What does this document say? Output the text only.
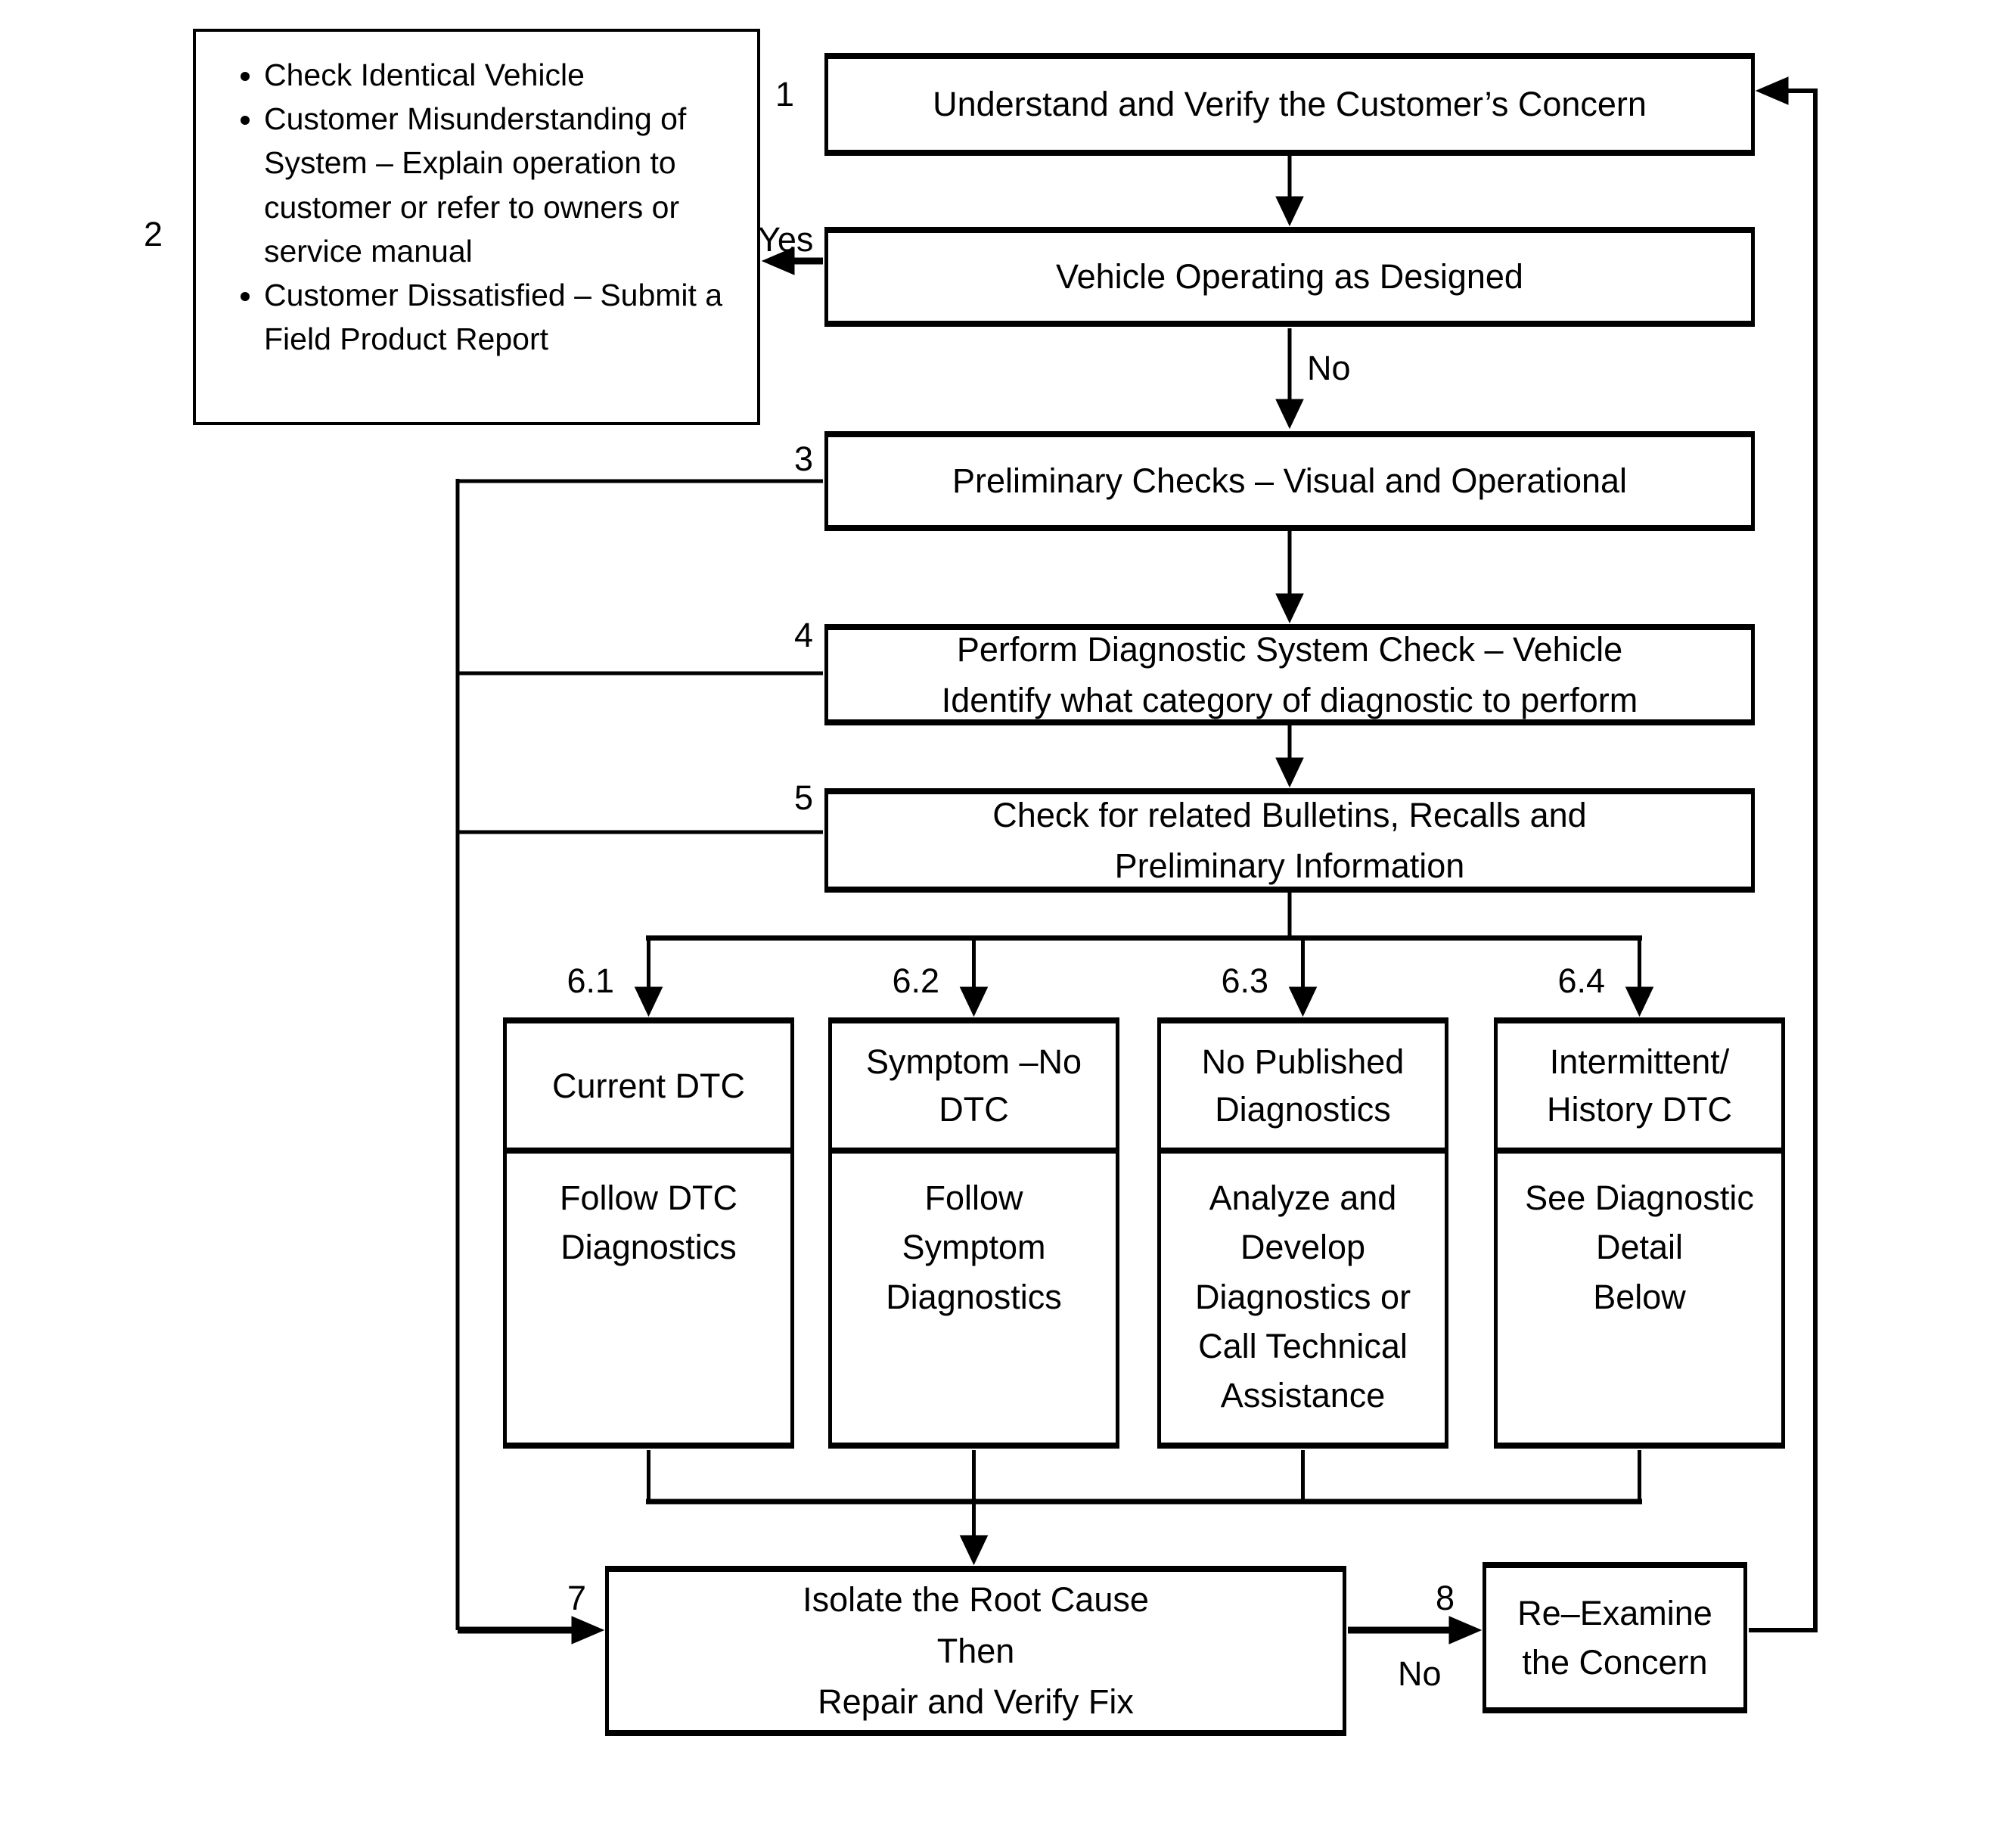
• Check Identical Vehicle
• Customer Misunderstanding of System – Explain operation to customer or refer to owners or service manual
• Customer Dissatisfied – Submit a Field Product Report
Understand and Verify the Customer’s Concern
Vehicle Operating as Designed
Preliminary Checks – Visual and Operational
Perform Diagnostic System Check – Vehicle
Identify what category of diagnostic to perform
Check for related Bulletins, Recalls and
Preliminary Information
Current DTC
Follow DTC
Diagnostics
Symptom –No
DTC
Follow
Symptom
Diagnostics
No Published
Diagnostics
Analyze and
Develop
Diagnostics or
Call Technical
Assistance
Intermittent/
History DTC
See Diagnostic
Detail
Below
Isolate the Root Cause
Then
Repair and Verify Fix
Re–Examine
the Concern
1
2
3
4
5
6.1	6.2	6.3	6.4
7	8
Yes
No
No
